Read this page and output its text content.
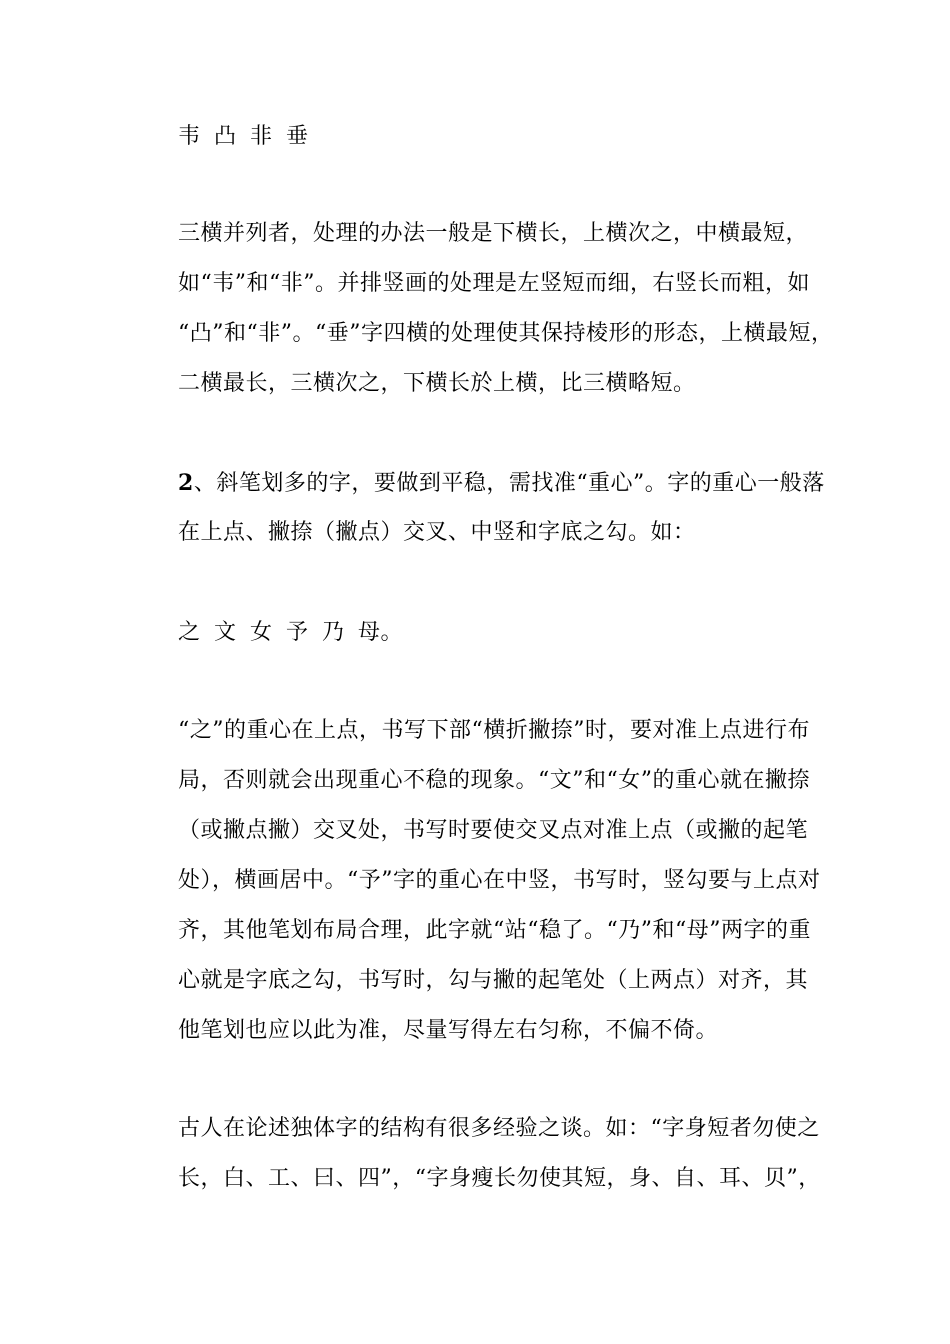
韦 凸 非 垂
三横并列者，处理的办法一般是下横长，上横次之，中横最短，
如“韦”和“非”。并排竖画的处理是左竖短而细，右竖长而粗，如
“凸”和“非”。“垂”字四横的处理使其保持棱形的形态，上横最短，
二横最长，三横次之，下横长於上横，比三横略短。
2、斜笔划多的字，要做到平稳，需找准“重心”。字的重心一般落
在上点、撇捺（撇点）交叉、中竖和字底之勾。如：
之 文 女 予 乃 母。
“之”的重心在上点，书写下部“横折撇捺”时，要对准上点进行布
局，否则就会出现重心不稳的现象。“文”和“女”的重心就在撇捺
（或撇点撇）交叉处，书写时要使交叉点对准上点（或撇的起笔
处），横画居中。“予”字的重心在中竖，书写时，竖勾要与上点对
齐，其他笔划布局合理，此字就“站“稳了。“乃”和“母”两字的重
心就是字底之勾，书写时，勾与撇的起笔处（上两点）对齐，其
他笔划也应以此为准，尽量写得左右匀称，不偏不倚。
古人在论述独体字的结构有很多经验之谈。如：“字身短者勿使之
长，白、工、曰、四”，“字身瘦长勿使其短，身、自、耳、贝”，
